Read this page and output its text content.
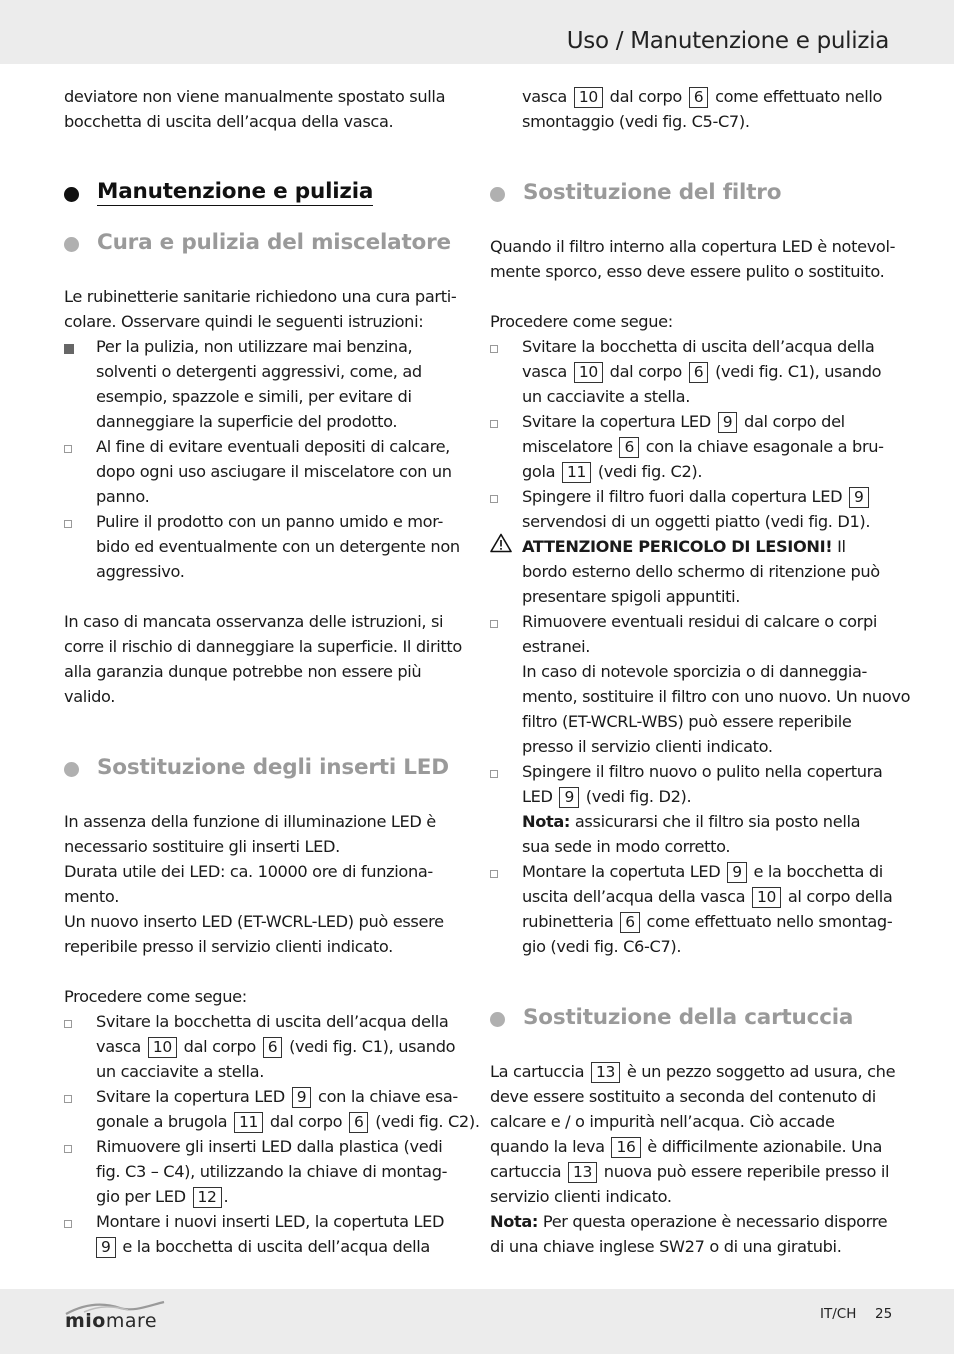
Uso / Manutenzione e pulizia
deviatore non viene manualmente spostato sulla
bocchetta di uscita dell’acqua della vasca.
Manutenzione e pulizia
Cura e pulizia del miscelatore
Le rubinetterie sanitarie richiedono una cura parti-
colare. Osservare quindi le seguenti istruzioni:
Per la pulizia, non utilizzare mai benzina,
solventi o detergenti aggressivi, come, ad
esempio, spazzole e simili, per evitare di
danneggiare la superficie del prodotto.
Al fine di evitare eventuali depositi di calcare,
dopo ogni uso asciugare il miscelatore con un
panno.
Pulire il prodotto con un panno umido e mor-
bido ed eventualmente con un detergente non
aggressivo.
In caso di mancata osservanza delle istruzioni, si
corre il rischio di danneggiare la superficie. Il diritto
alla garanzia dunque potrebbe non essere più
valido.
Sostituzione degli inserti LED
In assenza della funzione di illuminazione LED è
necessario sostituire gli inserti LED.
Durata utile dei LED: ca. 10000 ore di funziona-
mento.
Un nuovo inserto LED (ET-WCRL-LED) può essere
reperibile presso il servizio clienti indicato.
Procedere come segue:
Svitare la bocchetta di uscita dell’acqua della
vasca 10 dal corpo 6 (vedi fig. C1), usando
un cacciavite a stella.
Svitare la copertura LED 9 con la chiave esa-
gonale a brugola 11 dal corpo 6 (vedi fig. C2).
Rimuovere gli inserti LED dalla plastica (vedi
fig. C3 – C4), utilizzando la chiave di montag-
gio per LED 12 .
Montare i nuovi inserti LED, la copertuta LED
9 e la bocchetta di uscita dell’acqua della
vasca 10 dal corpo 6 come effettuato nello
smontaggio (vedi fig. C5-C7).
Sostituzione del filtro
Quando il filtro interno alla copertura LED è notevol-
mente sporco, esso deve essere pulito o sostituito.
Procedere come segue:
Svitare la bocchetta di uscita dell’acqua della
vasca 10 dal corpo 6 (vedi fig. C1), usando
un cacciavite a stella.
Svitare la copertura LED 9 dal corpo del
miscelatore 6 con la chiave esagonale a bru-
gola 11 (vedi fig. C2).
Spingere il filtro fuori dalla copertura LED 9
servendosi di un oggetti piatto (vedi fig. D1).
ATTENZIONE PERICOLO DI LESIONI! Il
bordo esterno dello schermo di ritenzione può
presentare spigoli appuntiti.
Rimuovere eventuali residui di calcare o corpi
estranei.
In caso di notevole sporcizia o di danneggia-
mento, sostituire il filtro con uno nuovo. Un nuovo
filtro (ET-WCRL-WBS) può essere reperibile
presso il servizio clienti indicato.
Spingere il filtro nuovo o pulito nella copertura
LED 9 (vedi fig. D2).
Nota: assicurarsi che il filtro sia posto nella
sua sede in modo corretto.
Montare la copertuta LED 9 e la bocchetta di
uscita dell’acqua della vasca 10 al corpo della
rubinetteria 6 come effettuato nello smontag-
gio (vedi fig. C6-C7).
Sostituzione della cartuccia
La cartuccia 13 è un pezzo soggetto ad usura, che
deve essere sostituito a seconda del contenuto di
calcare e / o impurità nell’acqua. Ciò accade
quando la leva 16 è difficilmente azionabile. Una
cartuccia 13 nuova può essere reperibile presso il
servizio clienti indicato.
Nota: Per questa operazione è necessario disporre
di una chiave inglese SW27 o di una giratubi.
miomare	IT/CH 25
